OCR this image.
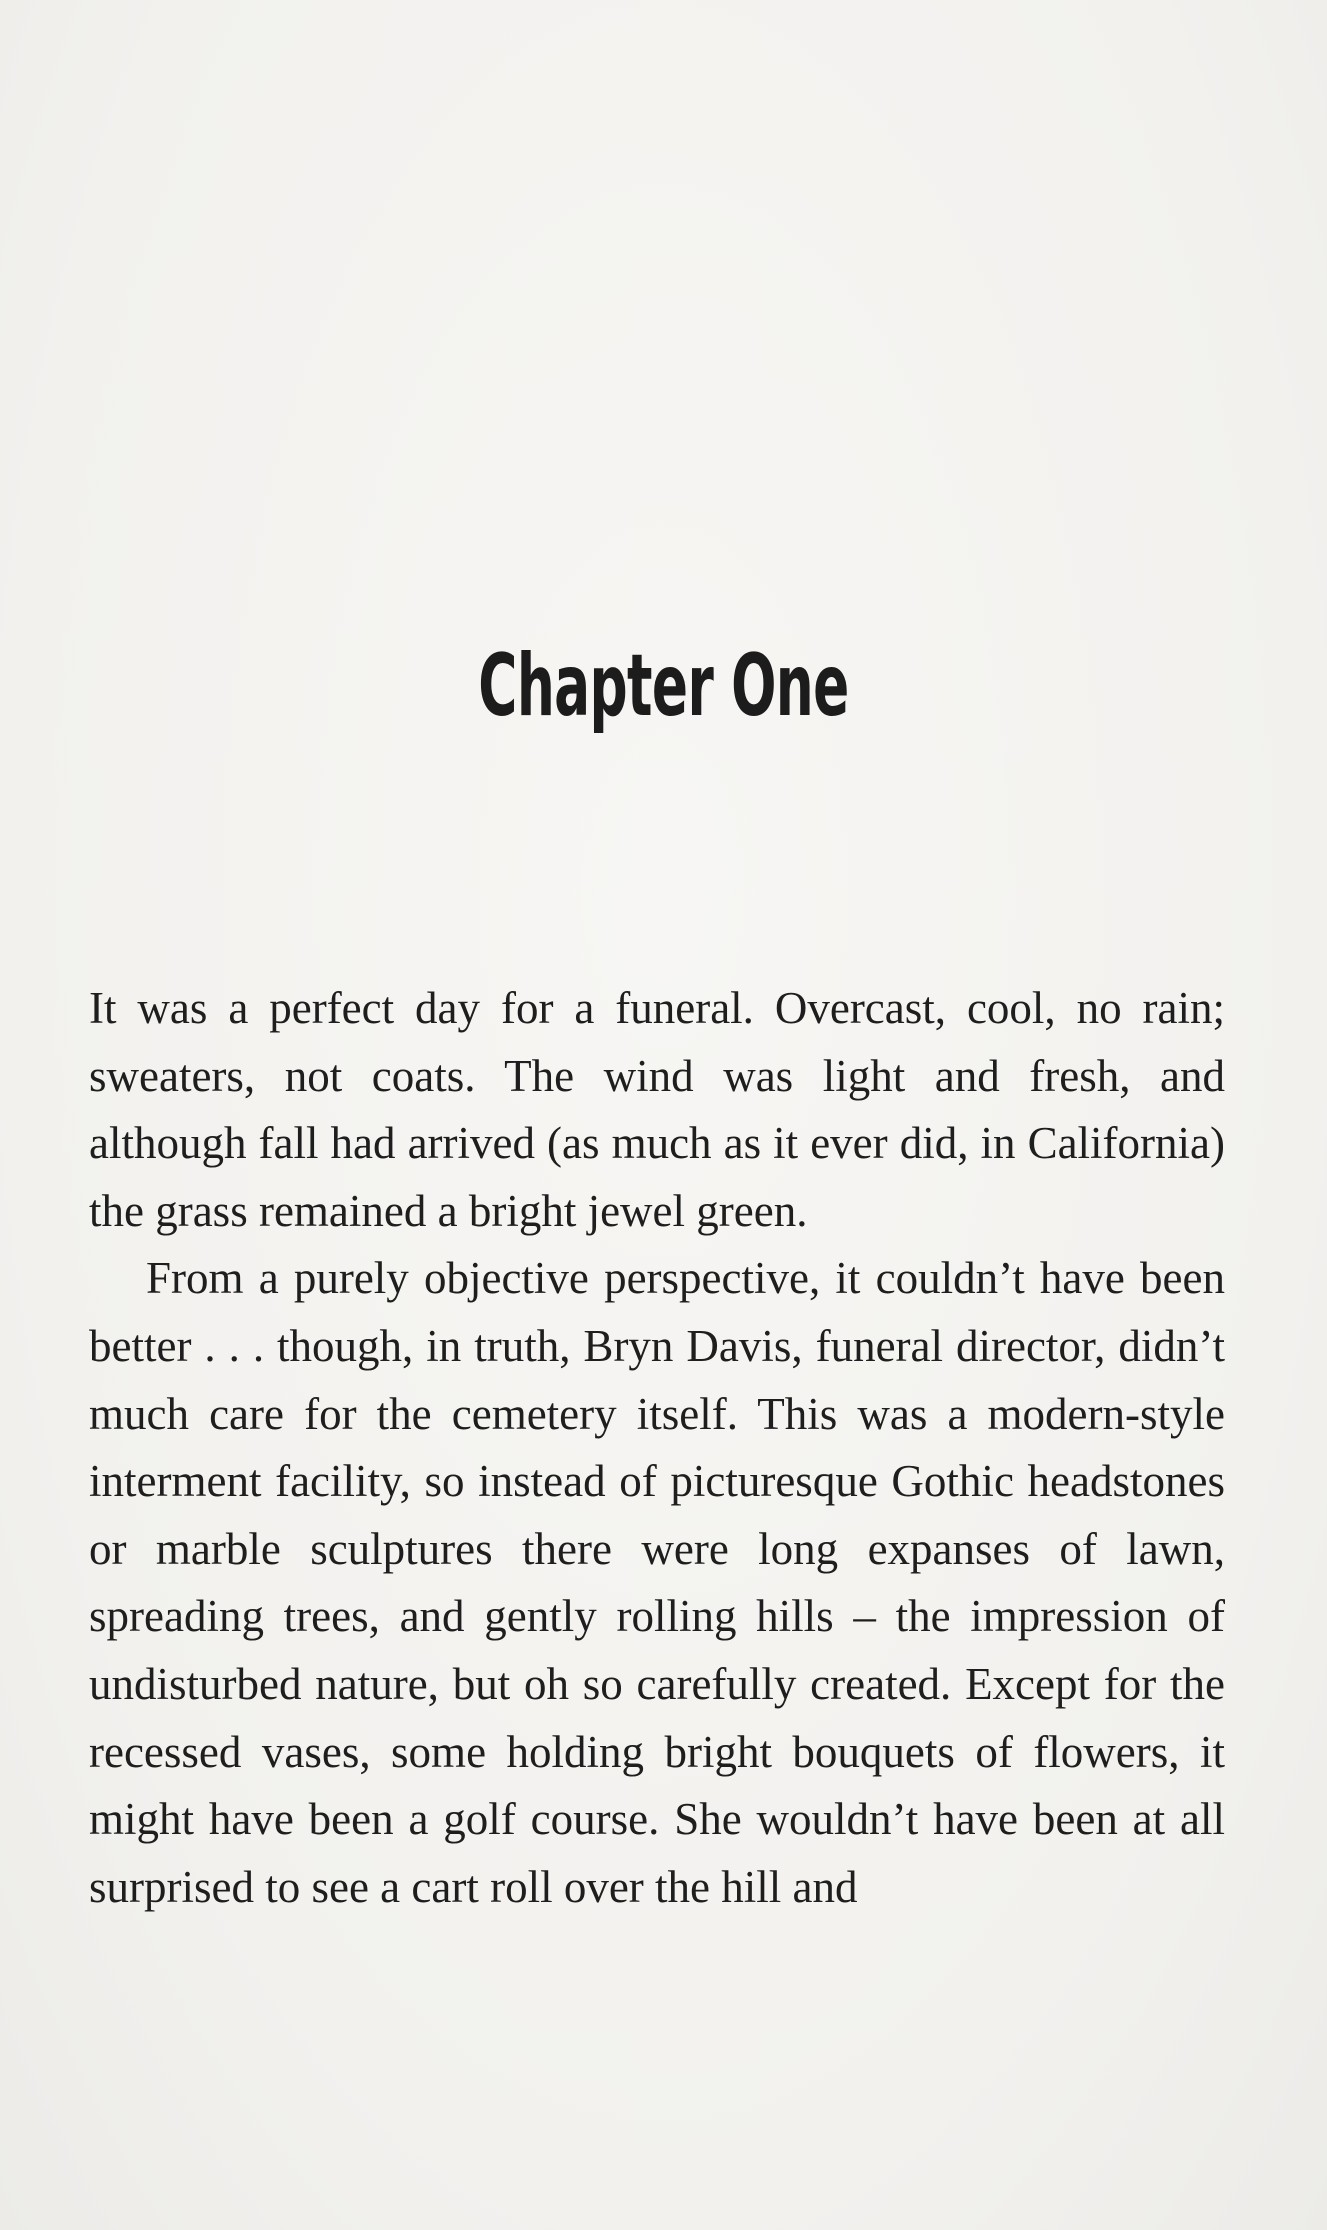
Chapter One

It was a perfect day for a funeral. Overcast, cool, no rain; sweaters, not coats. The wind was light and fresh, and although fall had arrived (as much as it ever did, in California) the grass remained a bright jewel green.

From a purely objective perspective, it couldn’t have been better . . . though, in truth, Bryn Davis, funeral director, didn’t much care for the cemetery itself. This was a modern-style interment facility, so instead of picturesque Gothic headstones or marble sculptures there were long expanses of lawn, spreading trees, and gently rolling hills – the impression of undisturbed nature, but oh so carefully created. Except for the recessed vases, some holding bright bouquets of flowers, it might have been a golf course. She wouldn’t have been at all surprised to see a cart roll over the hill and
